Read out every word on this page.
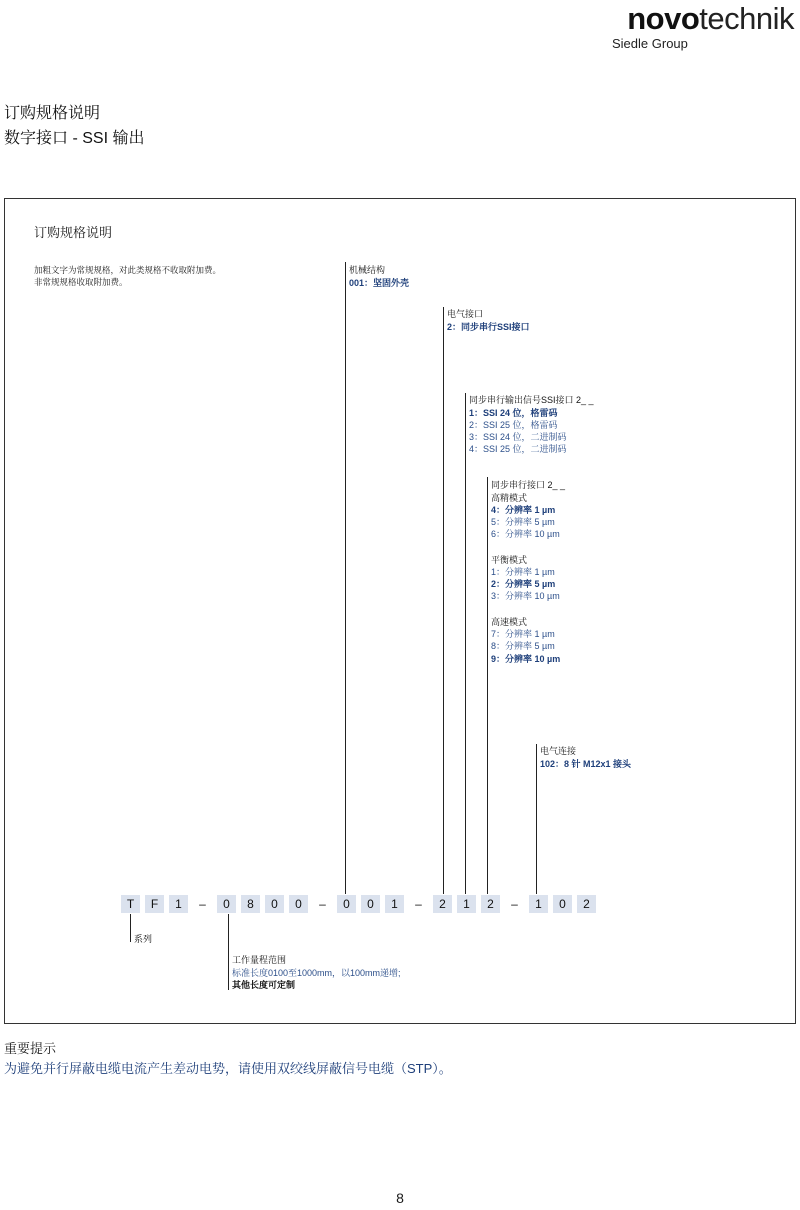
novotechnik
Siedle Group
订购规格说明
数字接口 - SSI 输出
订购规格说明
加粗文字为常规规格，对此类规格不收取附加费。
非常规规格收取附加费。
机械结构
001：坚固外壳
电气接口
2：同步串行SSI接口
同步串行输出信号SSI接口 2_ _
1：SSI 24 位，格雷码
2：SSI 25 位，格雷码
3：SSI 24 位，二进制码
4：SSI 25 位，二进制码
同步串行接口 2_ _
高精模式
4：分辨率 1 µm
5：分辨率 5 µm
6：分辨率 10 µm
平衡模式
1：分辨率 1 µm
2：分辨率 5 µm
3：分辨率 10 µm
高速模式
7：分辨率 1 µm
8：分辨率 5 µm
9：分辨率 10 µm
电气连接
102：8 针 M12x1 接头
T	F	1	–	0	8	0	0	–	0	0	1	–	2	1	2	–	1	0	2
系列
工作量程范围
标准长度0100至1000mm，以100mm递增;
其他长度可定制
重要提示
为避免并行屏蔽电缆电流产生差动电势，请使用双绞线屏蔽信号电缆（STP）。
8
